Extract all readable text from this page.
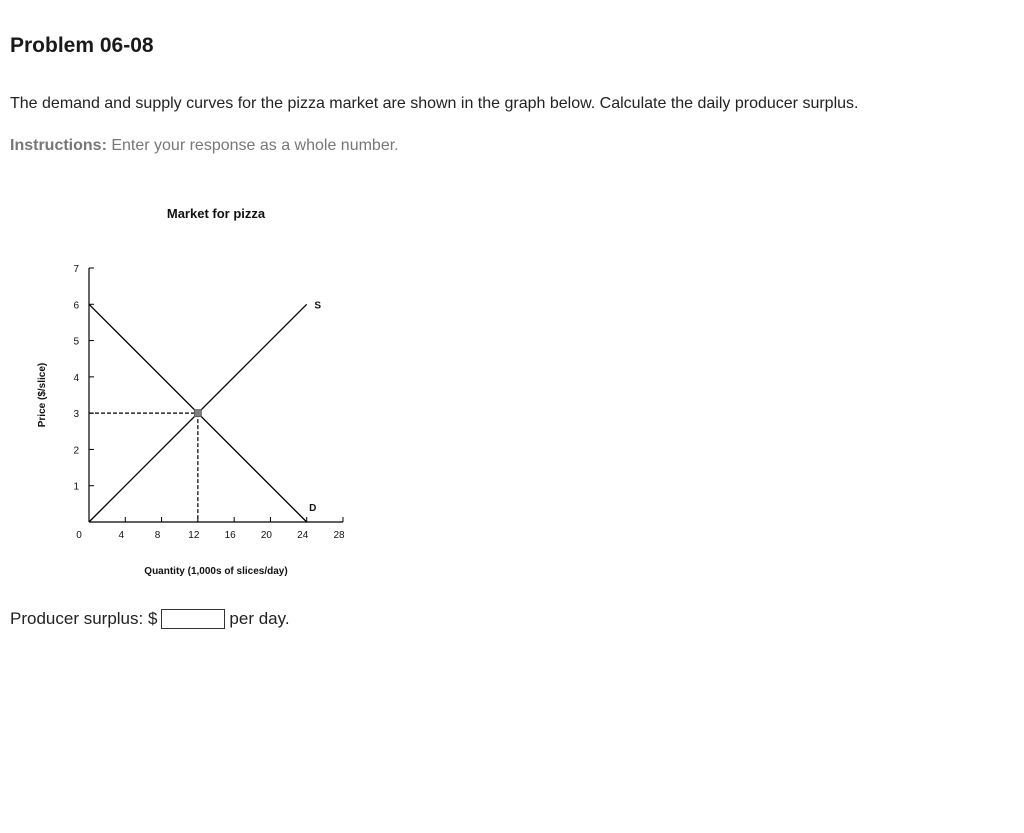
Problem 06-08
The demand and supply curves for the pizza market are shown in the graph below. Calculate the daily producer surplus.
Instructions: Enter your response as a whole number.
Market for pizza
1
2
3
4
5
6
7
0	4	8	12	16	20	24	28
Quantity (1,000s of slices/day)
Price ($/slice)
S
D
Producer surplus: $	per day.
